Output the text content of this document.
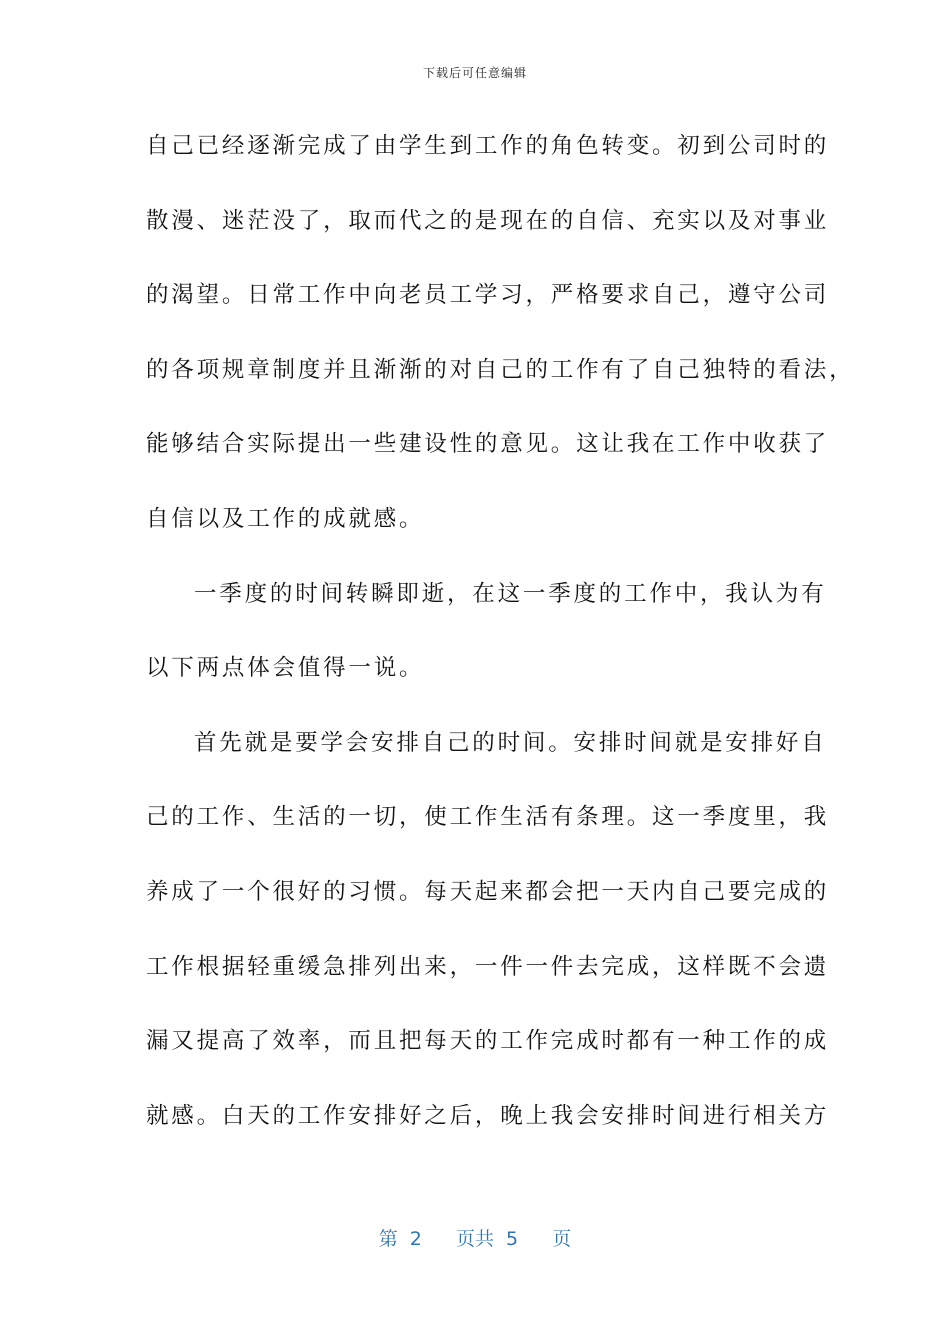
下载后可任意编辑
自己已经逐渐完成了由学生到工作的角色转变。初到公司时的
散漫、迷茫没了，取而代之的是现在的自信、充实以及对事业
的渴望。日常工作中向老员工学习，严格要求自己，遵守公司
的各项规章制度并且渐渐的对自己的工作有了自己独特的看法，
能够结合实际提出一些建设性的意见。这让我在工作中收获了
自信以及工作的成就感。
一季度的时间转瞬即逝，在这一季度的工作中，我认为有
以下两点体会值得一说。
首先就是要学会安排自己的时间。安排时间就是安排好自
己的工作、生活的一切，使工作生活有条理。这一季度里，我
养成了一个很好的习惯。每天起来都会把一天内自己要完成的
工作根据轻重缓急排列出来，一件一件去完成，这样既不会遗
漏又提高了效率，而且把每天的工作完成时都有一种工作的成
就感。白天的工作安排好之后，晚上我会安排时间进行相关方
第 2 页共 5 页
